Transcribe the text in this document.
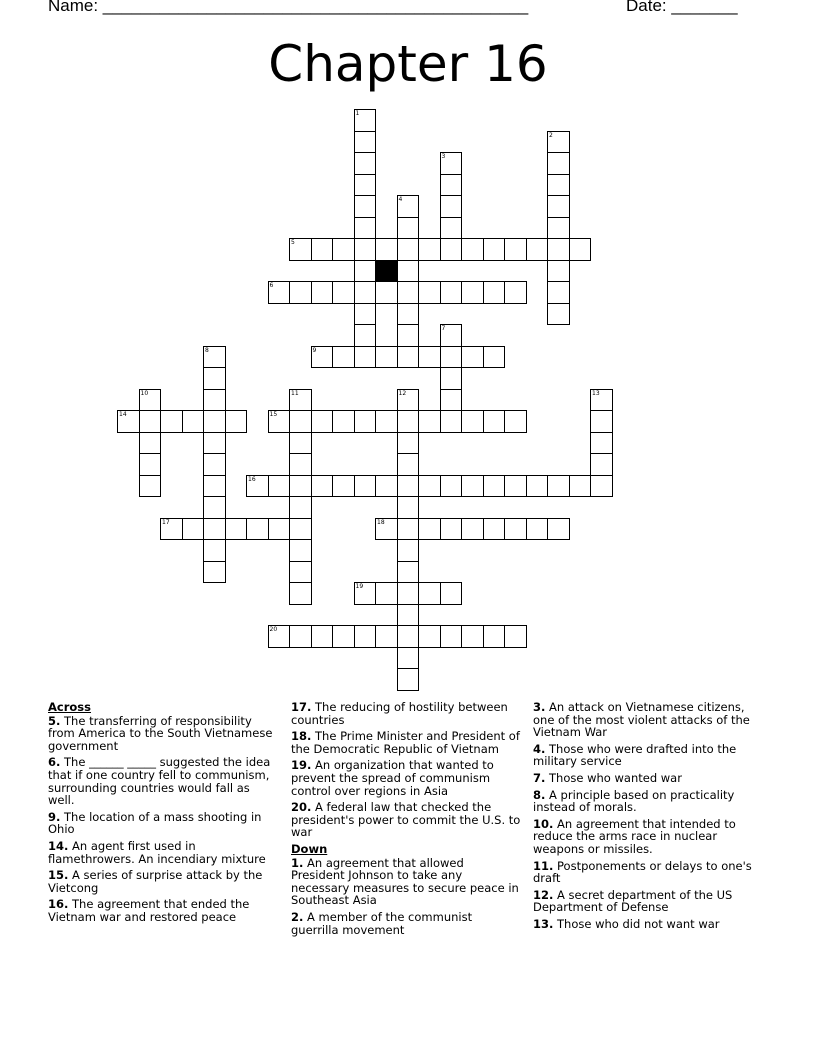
Name: _____________________________________________	Date: _______
Chapter 16
1
2
3
4
5
6
7
8	9
10	11	12	13
14	15
16
17	18
19
20
Across
5. The transferring of responsibility from America to the South Vietnamese government
6. The ______ _____ suggested the idea that if one country fell to communism, surrounding countries would fall as well.
9. The location of a mass shooting in Ohio
14. An agent first used in flamethrowers. An incendiary mixture
15. A series of surprise attack by the Vietcong
16. The agreement that ended the Vietnam war and restored peace
17. The reducing of hostility between countries
18. The Prime Minister and President of the Democratic Republic of Vietnam
19. An organization that wanted to prevent the spread of communism control over regions in Asia
20. A federal law that checked the president's power to commit the U.S. to war
Down
1. An agreement that allowed President Johnson to take any necessary measures to secure peace in Southeast Asia
2. A member of the communist guerrilla movement
3. An attack on Vietnamese citizens, one of the most violent attacks of the Vietnam War
4. Those who were drafted into the military service
7. Those who wanted war
8. A principle based on practicality instead of morals.
10. An agreement that intended to reduce the arms race in nuclear weapons or missiles.
11. Postponements or delays to one's draft
12. A secret department of the US Department of Defense
13. Those who did not want war
